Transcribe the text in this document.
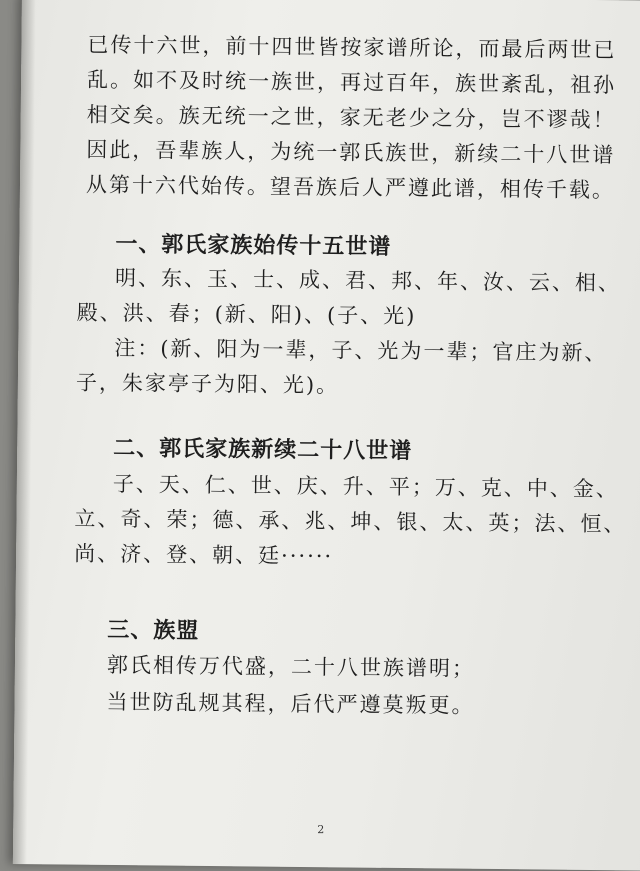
已传十六世，前十四世皆按家谱所论，而最后两世已

乱。如不及时统一族世，再过百年，族世紊乱，祖孙

相交矣。族无统一之世，家无老少之分，岂不谬哉！

因此，吾辈族人，为统一郭氏族世，新续二十八世谱

从第十六代始传。望吾族后人严遵此谱，相传千载。

一、郭氏家族始传十五世谱

明、东、玉、士、成、君、邦、年、汝、云、相、

殿、洪、春；(新、阳)、(子、光)

注：(新、阳为一辈，子、光为一辈；官庄为新、

子，朱家亭子为阳、光)。

二、郭氏家族新续二十八世谱

子、天、仁、世、庆、升、平；万、克、中、金、

立、奇、荣；德、承、兆、坤、银、太、英；法、恒、

尚、济、登、朝、廷······

三、族盟

郭氏相传万代盛，二十八世族谱明；

当世防乱规其程，后代严遵莫叛更。

2
